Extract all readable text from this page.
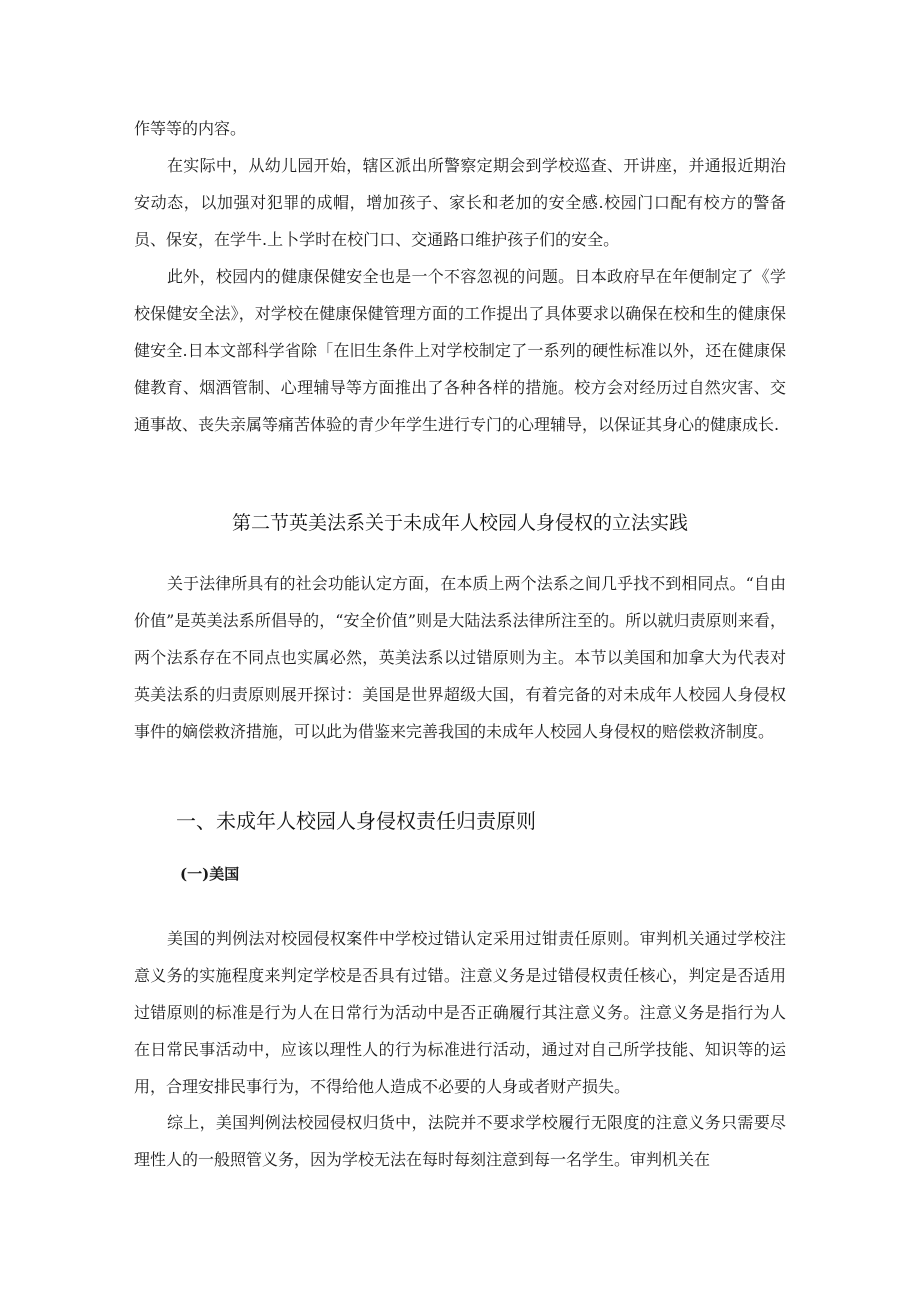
作等等的内容。

在实际中，从幼儿园开始，辖区派出所警察定期会到学校巡查、开讲座，并通报近期治安动态，以加强对犯罪的成帽，增加孩子、家长和老加的安全感.校园门口配有校方的警备员、保安，在学牛.上卜学时在校门口、交通路口维护孩子们的安全。

此外，校园内的健康保健安全也是一个不容忽视的问题。日本政府早在年便制定了《学校保健安全法》，对学校在健康保健管理方面的工作提出了具体要求以确保在校和生的健康保健安全.日本文部科学省除「在旧生条件上对学校制定了一系列的硬性标准以外，还在健康保健教育、烟酒管制、心理辅导等方面推出了各种各样的措施。校方会对经历过自然灾害、交通事故、丧失亲属等痛苦体验的青少年学生进行专门的心理辅导，以保证其身心的健康成长.

第二节英美法系关于未成年人校园人身侵权的立法实践

关于法律所具有的社会功能认定方面，在本质上两个法系之间几乎找不到相同点。“自由价值”是英美法系所倡导的，“安全价值”则是大陆法系法律所注至的。所以就归责原则来看，两个法系存在不同点也实属必然，英美法系以过错原则为主。本节以美国和加拿大为代表对英美法系的归责原则展开探讨：美国是世界超级大国，有着完备的对未成年人校园人身侵权事件的嫡偿救济措施，可以此为借鉴来完善我国的未成年人校园人身侵权的赔偿救济制度。

一、未成年人校园人身侵权责任归责原则
(一)美国

美国的判例法对校园侵权案件中学校过错认定采用过钳责任原则。审判机关通过学校注意义务的实施程度来判定学校是否具有过错。注意义务是过错侵权责任核心，判定是否适用过错原则的标准是行为人在日常行为活动中是否正确履行其注意义务。注意义务是指行为人在日常民事活动中，应该以理性人的行为标准进行活动，通过对自己所学技能、知识等的运用，合理安排民事行为，不得给他人造成不必要的人身或者财产损失。

综上，美国判例法校园侵权归货中，法院并不要求学校履行无限度的注意义务只需要尽理性人的一般照管义务，因为学校无法在每时每刻注意到每一名学生。审判机关在
